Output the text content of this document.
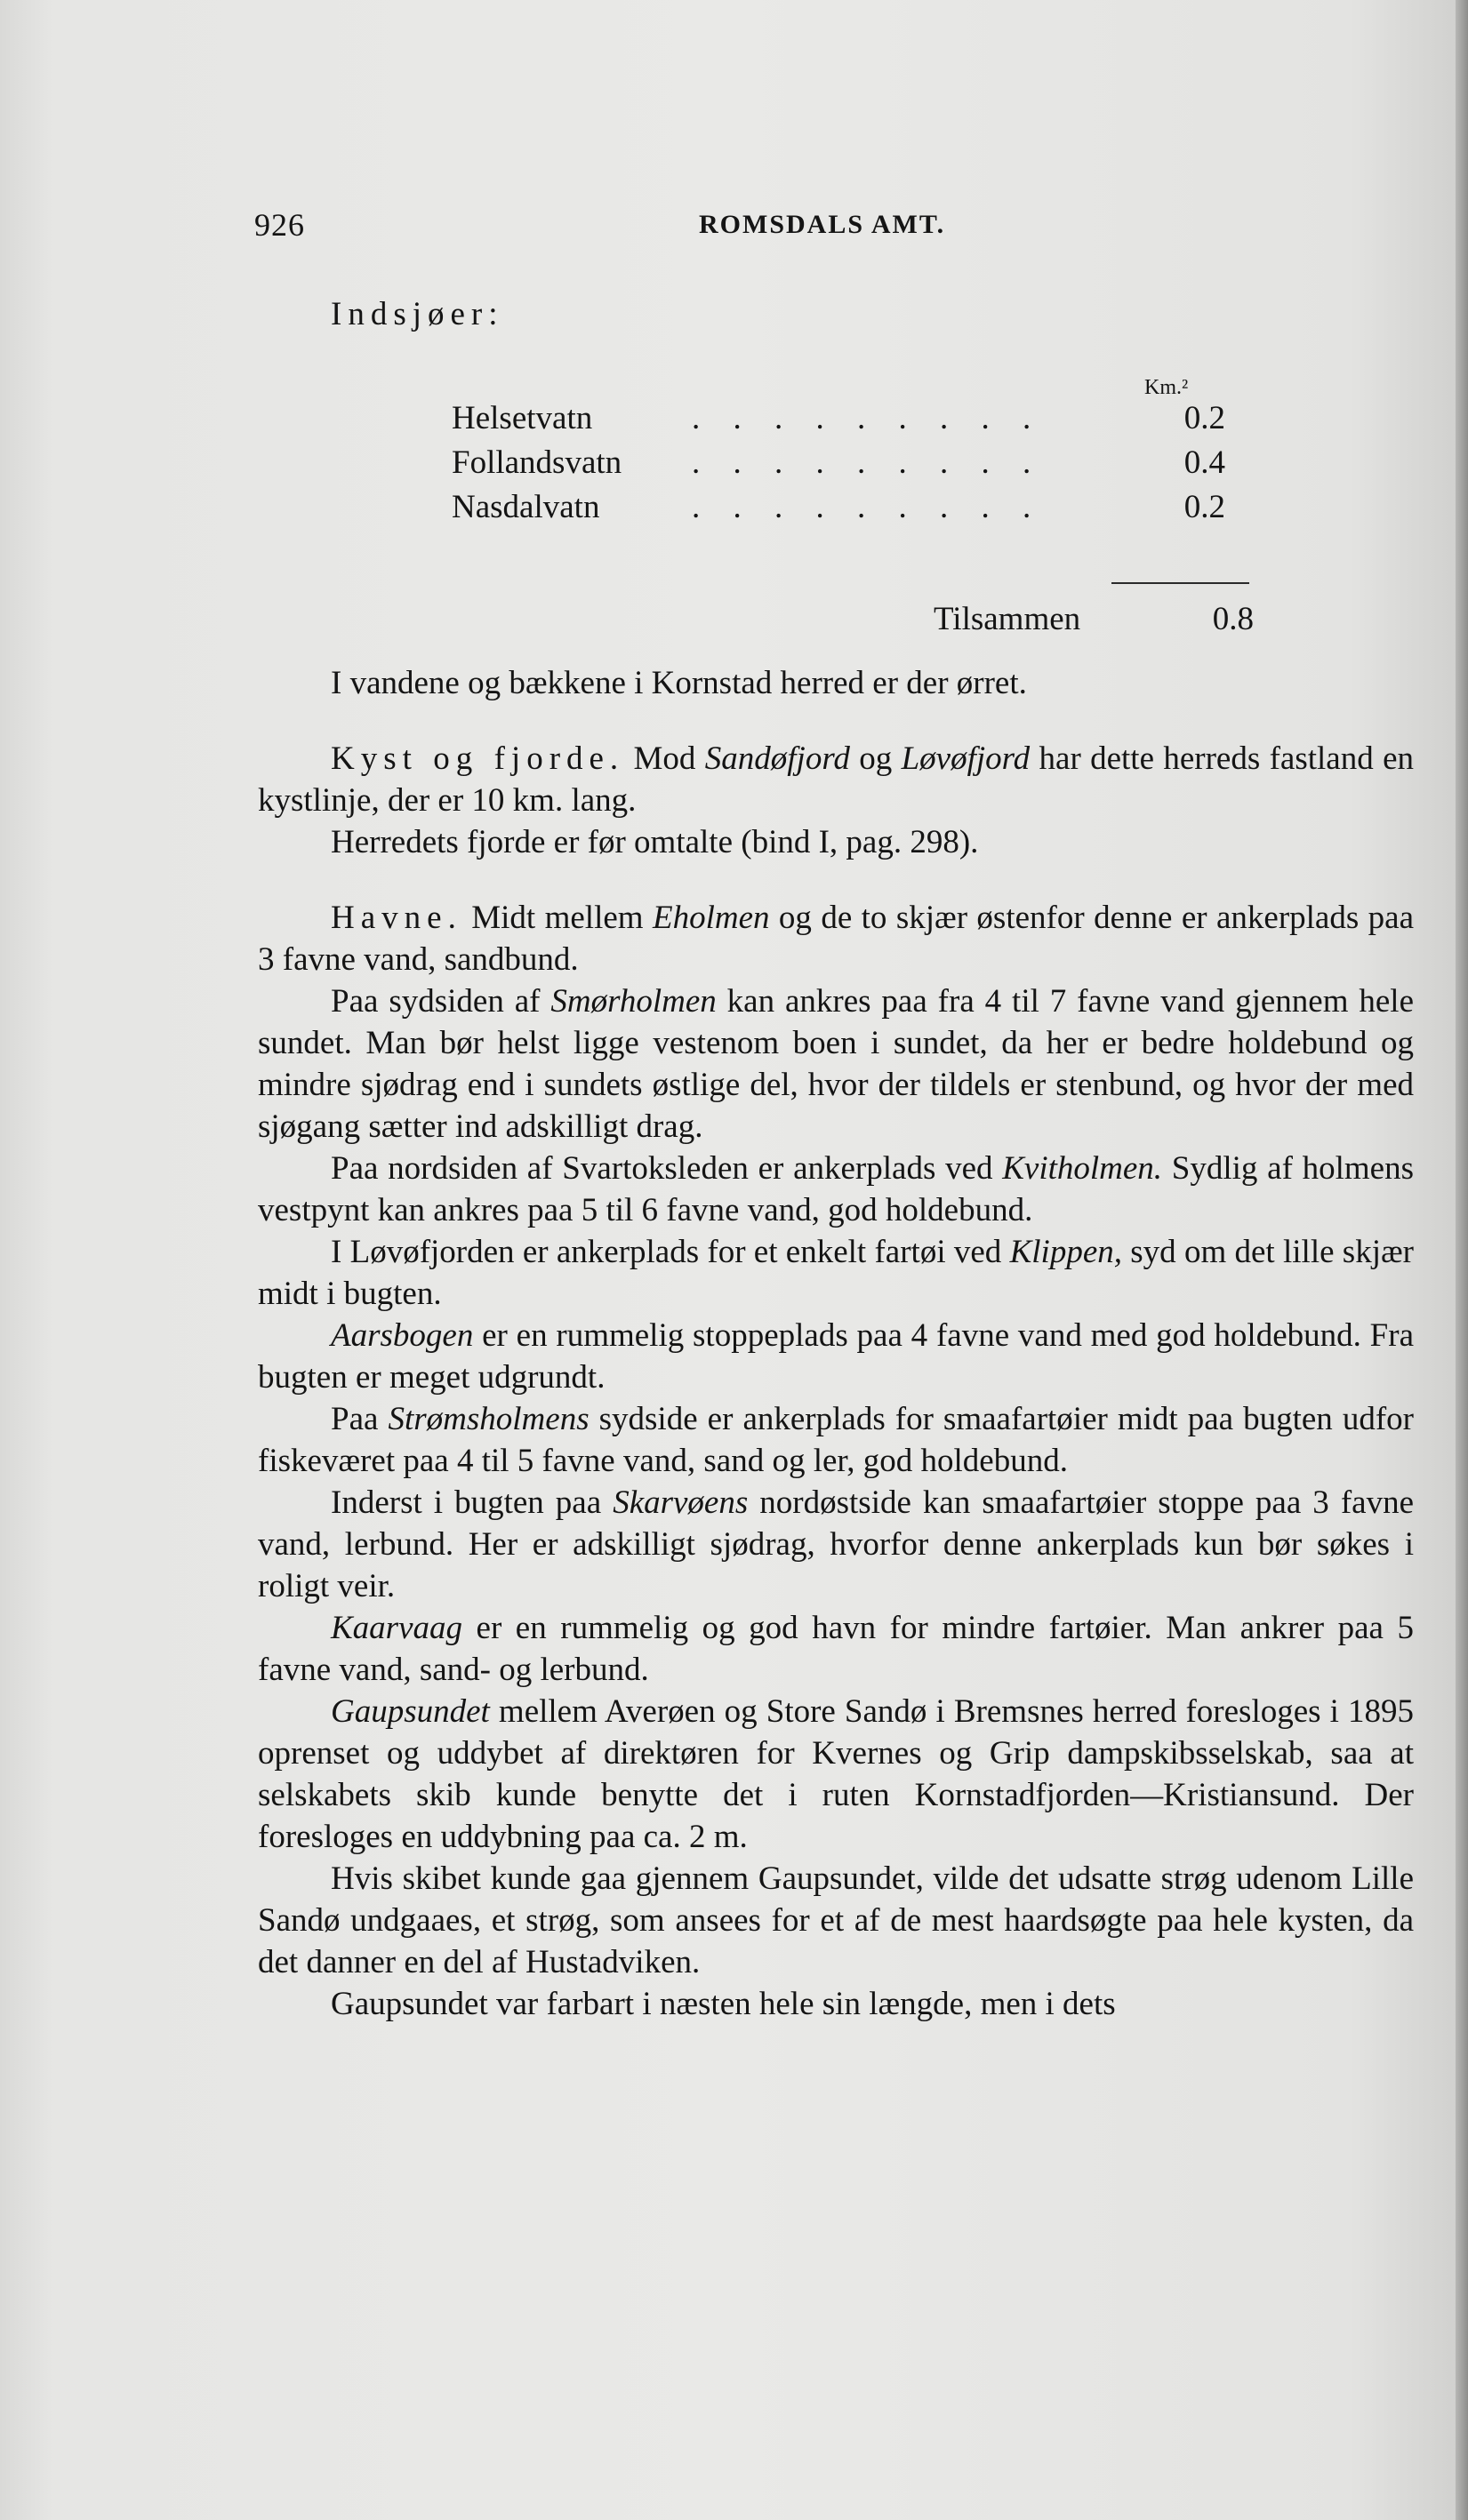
926	ROMSDALS AMT.
Indsjøer:
Km.²
Helsetvatn	. . . . . . . . .	0.2
Follandsvatn . . . . . . . . .	0.4
Nasdalvatn	. . . . . . . . .	0.2
Tilsammen	0.8

I vandene og bækkene i Kornstad herred er der ørret.

Kyst og fjorde. Mod Sandøfjord og Løvøfjord har dette herreds fastland en kystlinje, der er 10 km. lang.

Herredets fjorde er før omtalte (bind I, pag. 298).

Havne. Midt mellem Eholmen og de to skjær østenfor denne er ankerplads paa 3 favne vand, sandbund.

Paa sydsiden af Smørholmen kan ankres paa fra 4 til 7 favne vand gjennem hele sundet. Man bør helst ligge vestenom boen i sundet, da her er bedre holdebund og mindre sjødrag end i sundets østlige del, hvor der tildels er stenbund, og hvor der med sjøgang sætter ind adskilligt drag.

Paa nordsiden af Svartoksleden er ankerplads ved Kvitholmen. Sydlig af holmens vestpynt kan ankres paa 5 til 6 favne vand, god holdebund.

I Løvøfjorden er ankerplads for et enkelt fartøi ved Klippen, syd om det lille skjær midt i bugten.

Aarsbogen er en rummelig stoppeplads paa 4 favne vand med god holdebund. Fra bugten er meget udgrundt.

Paa Strømsholmens sydside er ankerplads for smaafartøier midt paa bugten udfor fiskeværet paa 4 til 5 favne vand, sand og ler, god holdebund.

Inderst i bugten paa Skarvøens nordøstside kan smaafartøier stoppe paa 3 favne vand, lerbund. Her er adskilligt sjødrag, hvorfor denne ankerplads kun bør søkes i roligt veir.

Kaarvaag er en rummelig og god havn for mindre fartøier. Man ankrer paa 5 favne vand, sand- og lerbund.

Gaupsundet mellem Averøen og Store Sandø i Bremsnes herred foresloges i 1895 oprenset og uddybet af direktøren for Kvernes og Grip dampskibsselskab, saa at selskabets skib kunde benytte det i ruten Kornstadfjorden—Kristiansund. Der foresloges en uddybning paa ca. 2 m.

Hvis skibet kunde gaa gjennem Gaupsundet, vilde det udsatte strøg udenom Lille Sandø undgaaes, et strøg, som ansees for et af de mest haardsøgte paa hele kysten, da det danner en del af Hustadviken.

Gaupsundet var farbart i næsten hele sin længde, men i dets
